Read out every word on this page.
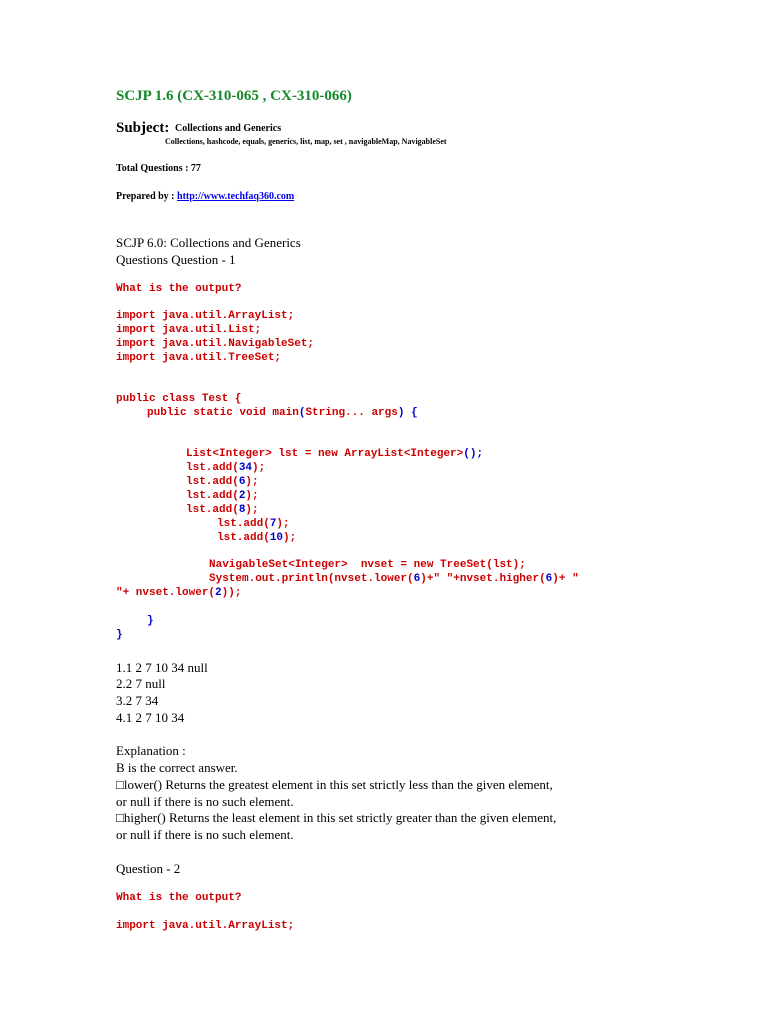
SCJP 1.6 (CX-310-065 , CX-310-066)
Subject: Collections and Generics
Collections, hashcode, equals, generics, list, map, set , navigableMap, NavigableSet
Total Questions : 77
Prepared by : http://www.techfaq360.com
SCJP 6.0: Collections and Generics
Questions Question - 1
What is the output?
import java.util.ArrayList;
import java.util.List;
import java.util.NavigableSet;
import java.util.TreeSet;
public class Test {
public static void main(String... args) {
List<Integer> lst = new ArrayList<Integer>();
lst.add(34);
lst.add(6);
lst.add(2);
lst.add(8);
lst.add(7);
lst.add(10);
NavigableSet<Integer>  nvset = new TreeSet(lst);
System.out.println(nvset.lower(6)+" "+nvset.higher(6)+ "
"+ nvset.lower(2));
}
}
1.1 2 7 10 34 null
2.2 7 null
3.2 7 34
4.1 2 7 10 34
Explanation :
B is the correct answer.
□lower() Returns the greatest element in this set strictly less than the given element,
or null if there is no such element.
□higher() Returns the least element in this set strictly greater than the given element,
or null if there is no such element.
Question - 2
What is the output?
import java.util.ArrayList;
